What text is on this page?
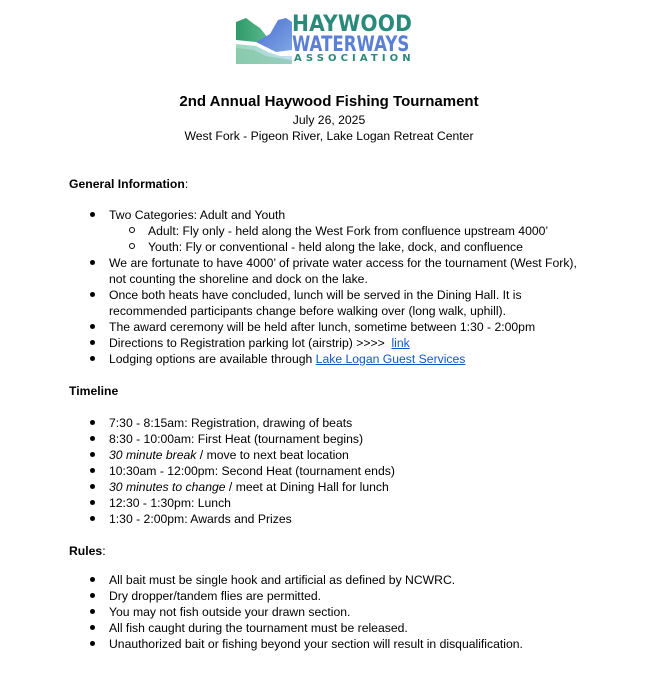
HAYWOOD
WATERWAYS
ASSOCIATION
2nd Annual Haywood Fishing Tournament
July 26, 2025
West Fork - Pigeon River, Lake Logan Retreat Center
General Information:
Two Categories: Adult and Youth
Adult: Fly only - held along the West Fork from confluence upstream 4000’
Youth: Fly or conventional - held along the lake, dock, and confluence
We are fortunate to have 4000’ of private water access for the tournament (West Fork), not counting the shoreline and dock on the lake.
Once both heats have concluded, lunch will be served in the Dining Hall. It is recommended participants change before walking over (long walk, uphill).
The award ceremony will be held after lunch, sometime between 1:30 - 2:00pm
Directions to Registration parking lot (airstrip) >>>>  link
Lodging options are available through Lake Logan Guest Services
Timeline
7:30 - 8:15am: Registration, drawing of beats
8:30 - 10:00am: First Heat (tournament begins)
30 minute break / move to next beat location
10:30am - 12:00pm: Second Heat (tournament ends)
30 minutes to change / meet at Dining Hall for lunch
12:30 - 1:30pm: Lunch
1:30 - 2:00pm: Awards and Prizes
Rules:
All bait must be single hook and artificial as defined by NCWRC.
Dry dropper/tandem flies are permitted.
You may not fish outside your drawn section.
All fish caught during the tournament must be released.
Unauthorized bait or fishing beyond your section will result in disqualification.
